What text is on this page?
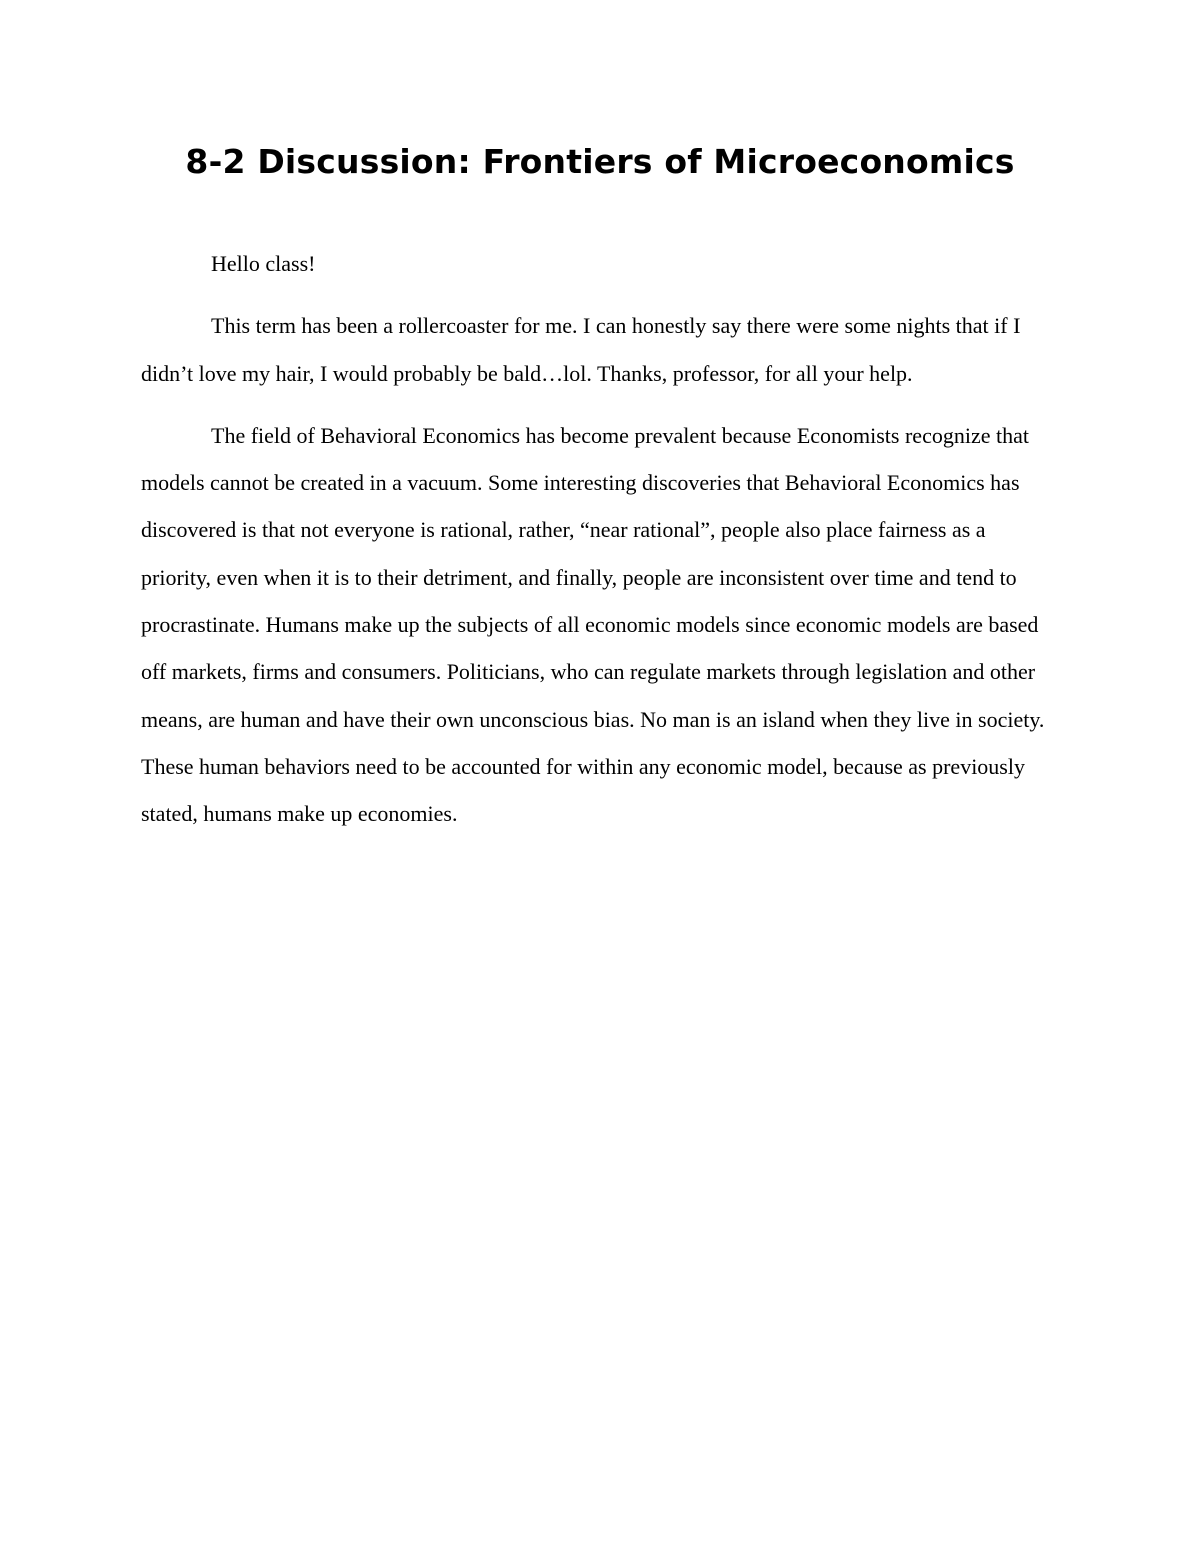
8-2 Discussion: Frontiers of Microeconomics

Hello class!

This term has been a rollercoaster for me. I can honestly say there were some nights that if I didn’t love my hair, I would probably be bald…lol. Thanks, professor, for all your help.

The field of Behavioral Economics has become prevalent because Economists recognize that models cannot be created in a vacuum. Some interesting discoveries that Behavioral Economics has discovered is that not everyone is rational, rather, “near rational”, people also place fairness as a priority, even when it is to their detriment, and finally, people are inconsistent over time and tend to procrastinate. Humans make up the subjects of all economic models since economic models are based off markets, firms and consumers. Politicians, who can regulate markets through legislation and other means, are human and have their own unconscious bias. No man is an island when they live in society. These human behaviors need to be accounted for within any economic model, because as previously stated, humans make up economies.
